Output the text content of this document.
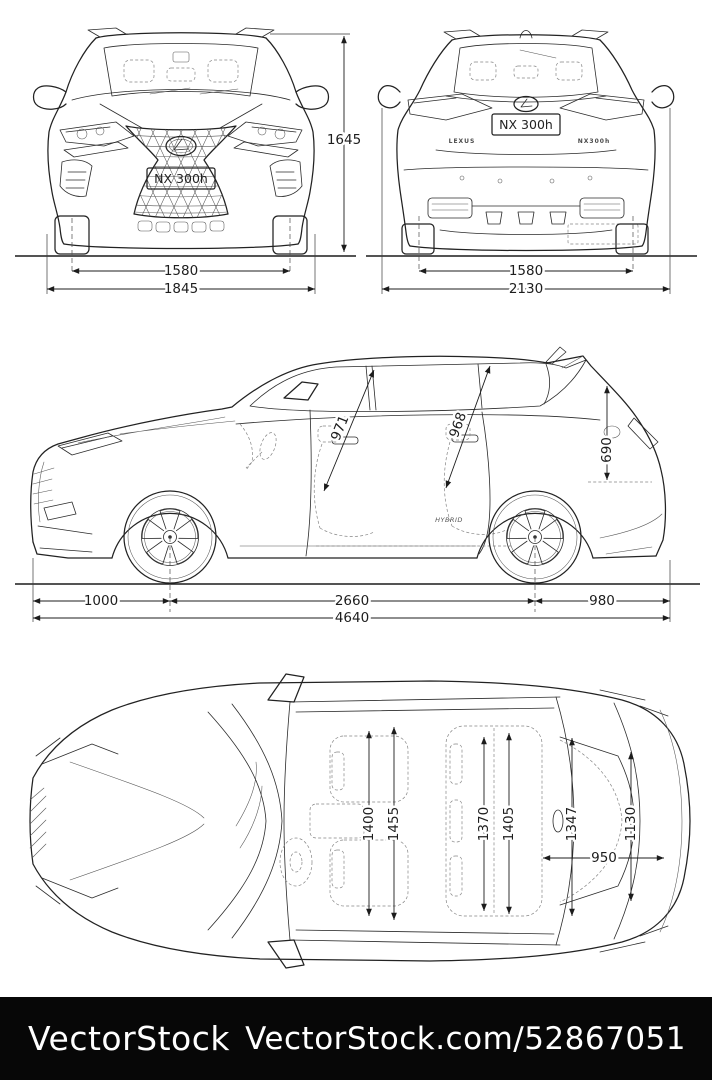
NX 300h
1580
1845
1645
NX 300h
LEXUS	NX300h
1580
2130
HYBRID
1000	2660	980
4640
971	968
690
1400 1455	1370 1405	1347	1130
950
VectorStock VectorStock.com/52867051
